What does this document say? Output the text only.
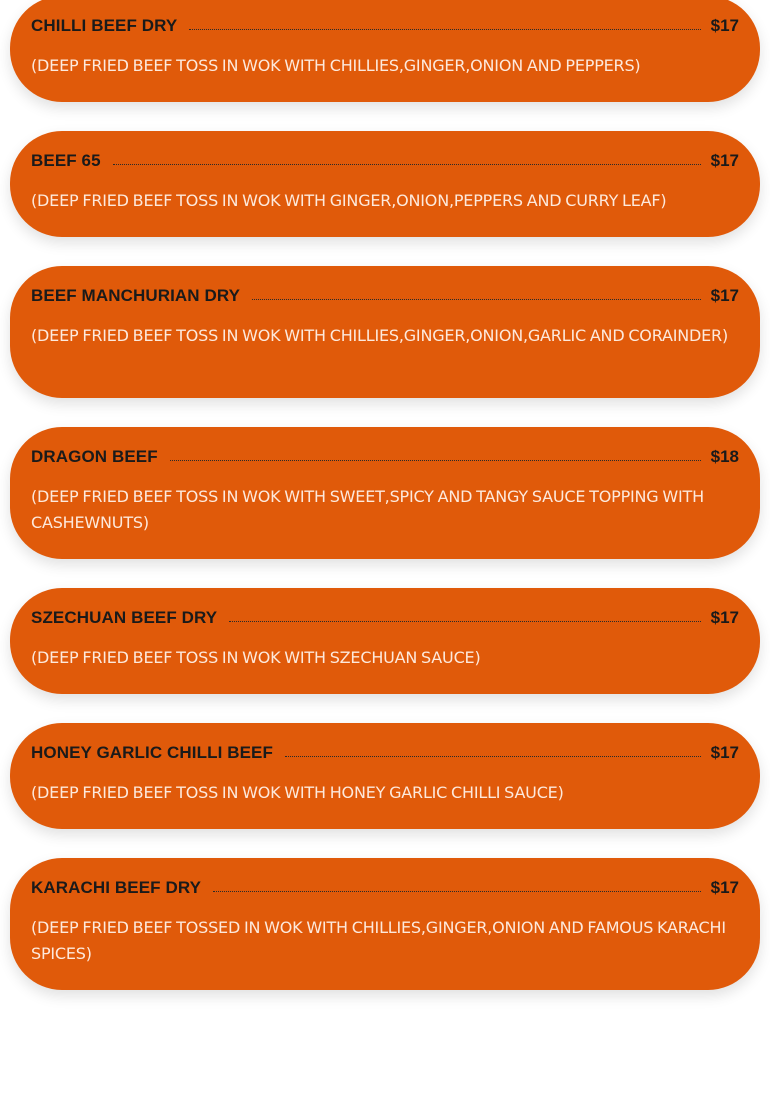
CHILLI BEEF DRY	$17
(DEEP FRIED BEEF TOSS IN WOK WITH CHILLIES,GINGER,ONION AND PEPPERS)
BEEF 65	$17
(DEEP FRIED BEEF TOSS IN WOK WITH GINGER,ONION,PEPPERS AND CURRY LEAF)
BEEF MANCHURIAN DRY	$17
(DEEP FRIED BEEF TOSS IN WOK WITH CHILLIES,GINGER,ONION,GARLIC AND CORAINDER)
DRAGON BEEF	$18
(DEEP FRIED BEEF TOSS IN WOK WITH SWEET,SPICY AND TANGY SAUCE TOPPING WITH CASHEWNUTS)
SZECHUAN BEEF DRY	$17
(DEEP FRIED BEEF TOSS IN WOK WITH SZECHUAN SAUCE)
HONEY GARLIC CHILLI BEEF	$17
(DEEP FRIED BEEF TOSS IN WOK WITH HONEY GARLIC CHILLI SAUCE)
KARACHI BEEF DRY	$17
(DEEP FRIED BEEF TOSSED IN WOK WITH CHILLIES,GINGER,ONION AND FAMOUS KARACHI SPICES)
